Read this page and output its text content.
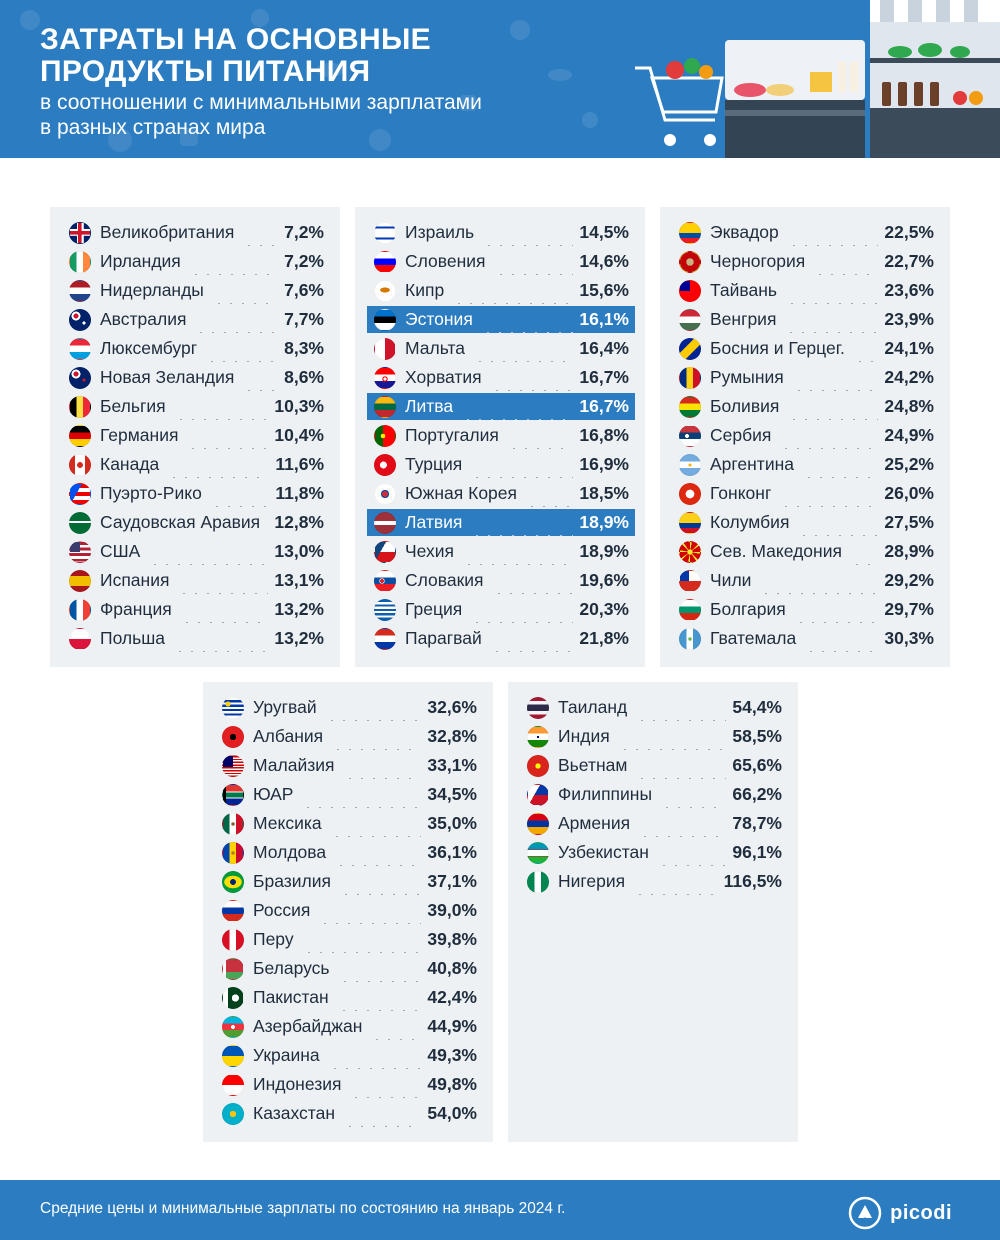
ЗАТРАТЫ НА ОСНОВНЫЕ
ПРОДУКТЫ ПИТАНИЯ
в соотношении с минимальными зарплатами
в разных странах мира
Великобритания	7,2%
Ирландия	7,2%
Нидерланды	7,6%
Австралия	7,7%
Люксембург	8,3%
Новая Зеландия	8,6%
Бельгия	10,3%
Германия	10,4%
Канада	11,6%
Пуэрто-Рико	11,8%
Саудовская Аравия 12,8%
США	13,0%
Испания	13,1%
Франция	13,2%
Польша	13,2%
Израиль	14,5%
Словения	14,6%
Кипр	15,6%
Эстония	16,1%
Мальта	16,4%
Хорватия	16,7%
Литва	16,7%
Португалия	16,8%
Турция	16,9%
Южная Корея	18,5%
Латвия	18,9%
Чехия	18,9%
Словакия	19,6%
Греция	20,3%
Парагвай	21,8%
Эквадор	22,5%
Черногория	22,7%
Тайвань	23,6%
Венгрия	23,9%
Босния и Герцег. 24,1%
Румыния	24,2%
Боливия	24,8%
Сербия	24,9%
Аргентина	25,2%
Гонконг	26,0%
Колумбия	27,5%
Сев. Македония 28,9%
Чили	29,2%
Болгария	29,7%
Гватемала	30,3%
Уругвай	32,6%
Албания	32,8%
Малайзия	33,1%
ЮАР	34,5%
Мексика	35,0%
Молдова	36,1%
Бразилия	37,1%
Россия	39,0%
Перу	39,8%
Беларусь	40,8%
Пакистан	42,4%
Азербайджан	44,9%
Украина	49,3%
Индонезия	49,8%
Казахстан	54,0%
Таиланд	54,4%
Индия	58,5%
Вьетнам	65,6%
Филиппины	66,2%
Армения	78,7%
Узбекистан	96,1%
Нигерия	116,5%
Средние цены и минимальные зарплаты по состоянию на январь 2024 г.	picodi
